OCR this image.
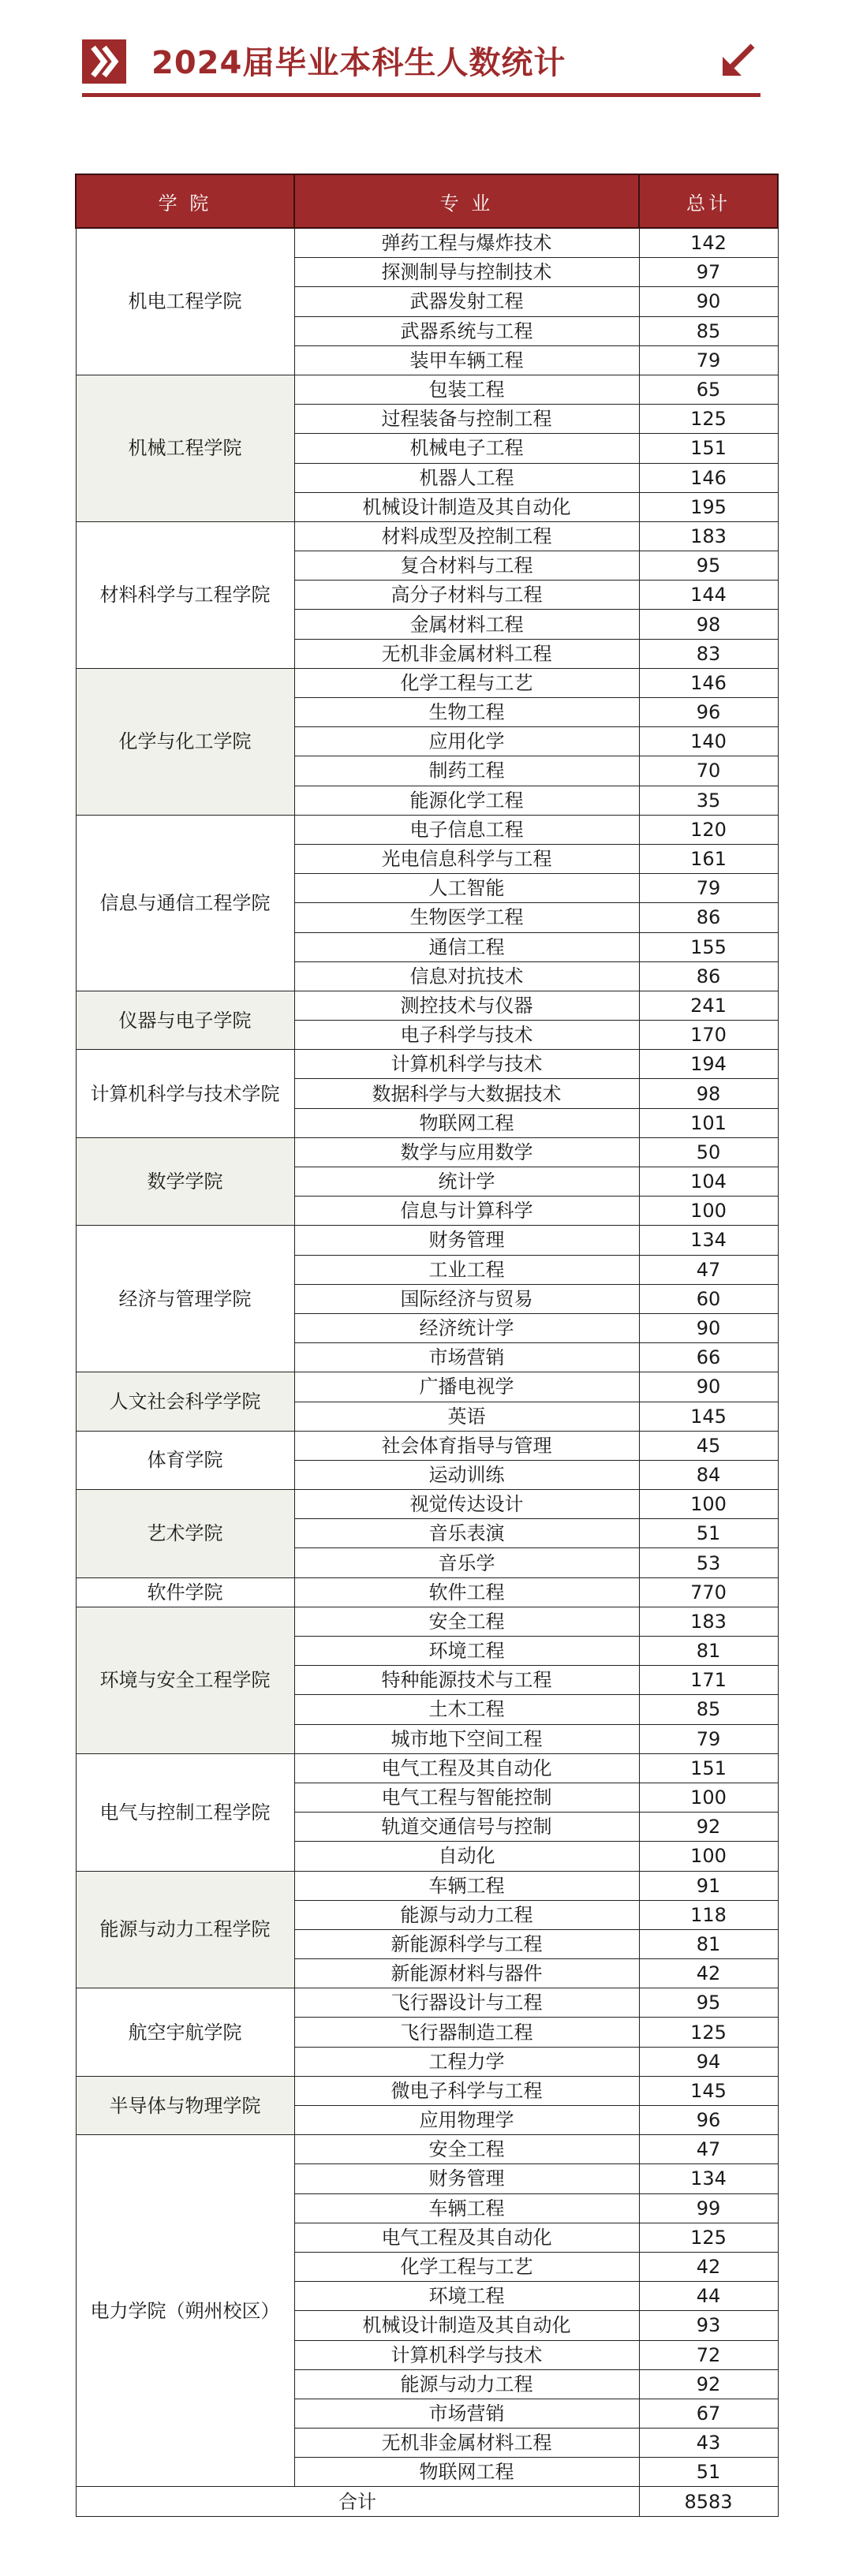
2024届毕业本科生人数统计
学 院	专 业	总计
机电工程学院	弹药工程与爆炸技术	142
	探测制导与控制技术	97
	武器发射工程	90
	武器系统与工程	85
	装甲车辆工程	79
机械工程学院	包装工程	65
	过程装备与控制工程	125
	机械电子工程	151
	机器人工程	146
	机械设计制造及其自动化	195
材料科学与工程学院	材料成型及控制工程	183
	复合材料与工程	95
	高分子材料与工程	144
	金属材料工程	98
	无机非金属材料工程	83
化学与化工学院	化学工程与工艺	146
	生物工程	96
	应用化学	140
	制药工程	70
	能源化学工程	35
信息与通信工程学院	电子信息工程	120
	光电信息科学与工程	161
	人工智能	79
	生物医学工程	86
	通信工程	155
	信息对抗技术	86
仪器与电子学院	测控技术与仪器	241
	电子科学与技术	170
计算机科学与技术学院	计算机科学与技术	194
	数据科学与大数据技术	98
	物联网工程	101
数学学院	数学与应用数学	50
	统计学	104
	信息与计算科学	100
经济与管理学院	财务管理	134
	工业工程	47
	国际经济与贸易	60
	经济统计学	90
	市场营销	66
人文社会科学学院	广播电视学	90
	英语	145
体育学院	社会体育指导与管理	45
	运动训练	84
艺术学院	视觉传达设计	100
	音乐表演	51
	音乐学	53
软件学院	软件工程	770
环境与安全工程学院	安全工程	183
	环境工程	81
	特种能源技术与工程	171
	土木工程	85
	城市地下空间工程	79
电气与控制工程学院	电气工程及其自动化	151
	电气工程与智能控制	100
	轨道交通信号与控制	92
	自动化	100
能源与动力工程学院	车辆工程	91
	能源与动力工程	118
	新能源科学与工程	81
	新能源材料与器件	42
航空宇航学院	飞行器设计与工程	95
	飞行器制造工程	125
	工程力学	94
半导体与物理学院	微电子科学与工程	145
	应用物理学	96
电力学院（朔州校区）	安全工程	47
	财务管理	134
	车辆工程	99
	电气工程及其自动化	125
	化学工程与工艺	42
	环境工程	44
	机械设计制造及其自动化	93
	计算机科学与技术	72
	能源与动力工程	92
	市场营销	67
	无机非金属材料工程	43
	物联网工程	51
合计		8583
